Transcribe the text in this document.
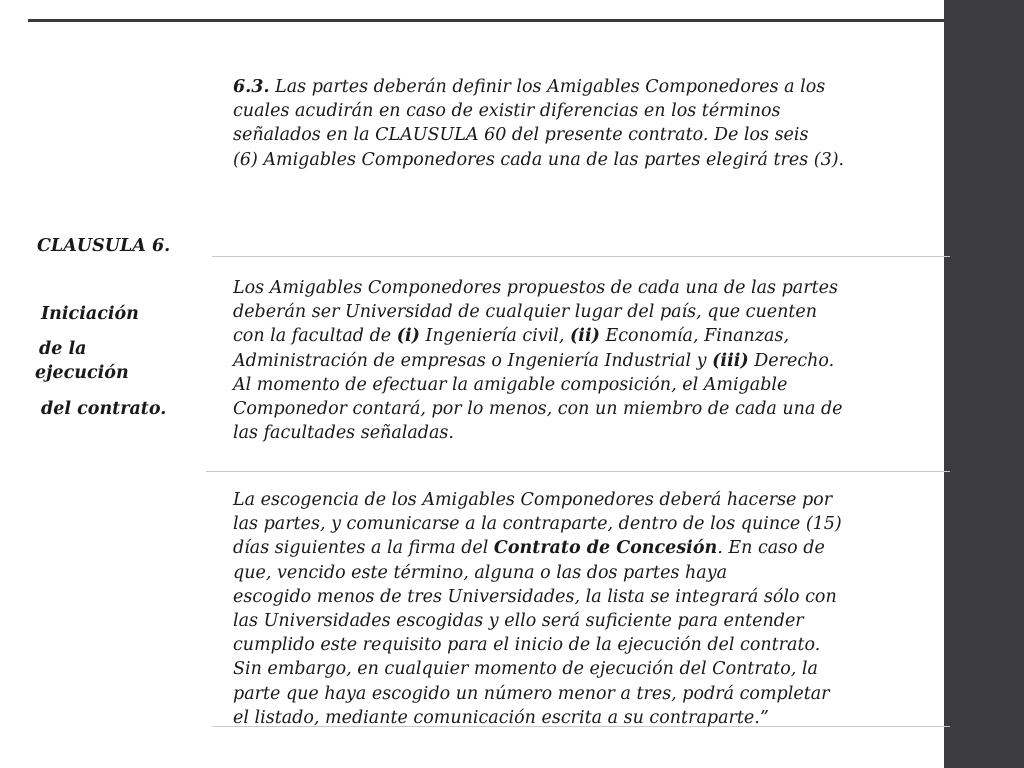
CLAUSULA 6.

Iniciación

de la

ejecución

del contrato.

6.3. Las partes deberán definir los Amigables Componedores a los
cuales acudirán en caso de existir diferencias en los términos
señalados en la CLAUSULA 60 del presente contrato. De los seis
(6) Amigables Componedores cada una de las partes elegirá tres (3).
Los Amigables Componedores propuestos de cada una de las partes
deberán ser Universidad de cualquier lugar del país, que cuenten
con la facultad de (i) Ingeniería civil, (ii) Economía, Finanzas,
Administración de empresas o Ingeniería Industrial y (iii) Derecho.
Al momento de efectuar la amigable composición, el Amigable
Componedor contará, por lo menos, con un miembro de cada una de
las facultades señaladas.
La escogencia de los Amigables Componedores deberá hacerse por
las partes, y comunicarse a la contraparte, dentro de los quince (15)
días siguientes a la firma del Contrato de Concesión. En caso de
que, vencido este término, alguna o las dos partes haya
escogido menos de tres Universidades, la lista se integrará sólo con
las Universidades escogidas y ello será suficiente para entender
cumplido este requisito para el inicio de la ejecución del contrato.
Sin embargo, en cualquier momento de ejecución del Contrato, la
parte que haya escogido un número menor a tres, podrá completar
el listado, mediante comunicación escrita a su contraparte.”
